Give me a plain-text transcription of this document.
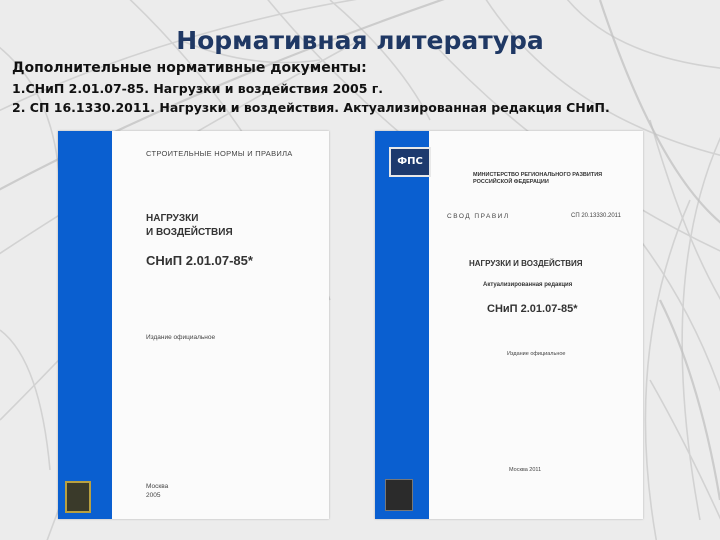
Нормативная литература
Дополнительные нормативные документы:
1.СНиП 2.01.07-85. Нагрузки и воздействия 2005 г.
2. СП 16.1330.2011. Нагрузки и воздействия. Актуализированная редакция СНиП.
СТРОИТЕЛЬНЫЕ НОРМЫ И ПРАВИЛА
НАГРУЗКИ
И ВОЗДЕЙСТВИЯ
СНиП 2.01.07-85*
Издание официальное
Москва
2005
ФПС
МИНИСТЕРСТВО РЕГИОНАЛЬНОГО РАЗВИТИЯ
РОССИЙСКОЙ ФЕДЕРАЦИИ
СВОД ПРАВИЛ	СП 20.13330.2011
НАГРУЗКИ И ВОЗДЕЙСТВИЯ
Актуализированная редакция
СНиП 2.01.07-85*
Издание официальное
Москва 2011
